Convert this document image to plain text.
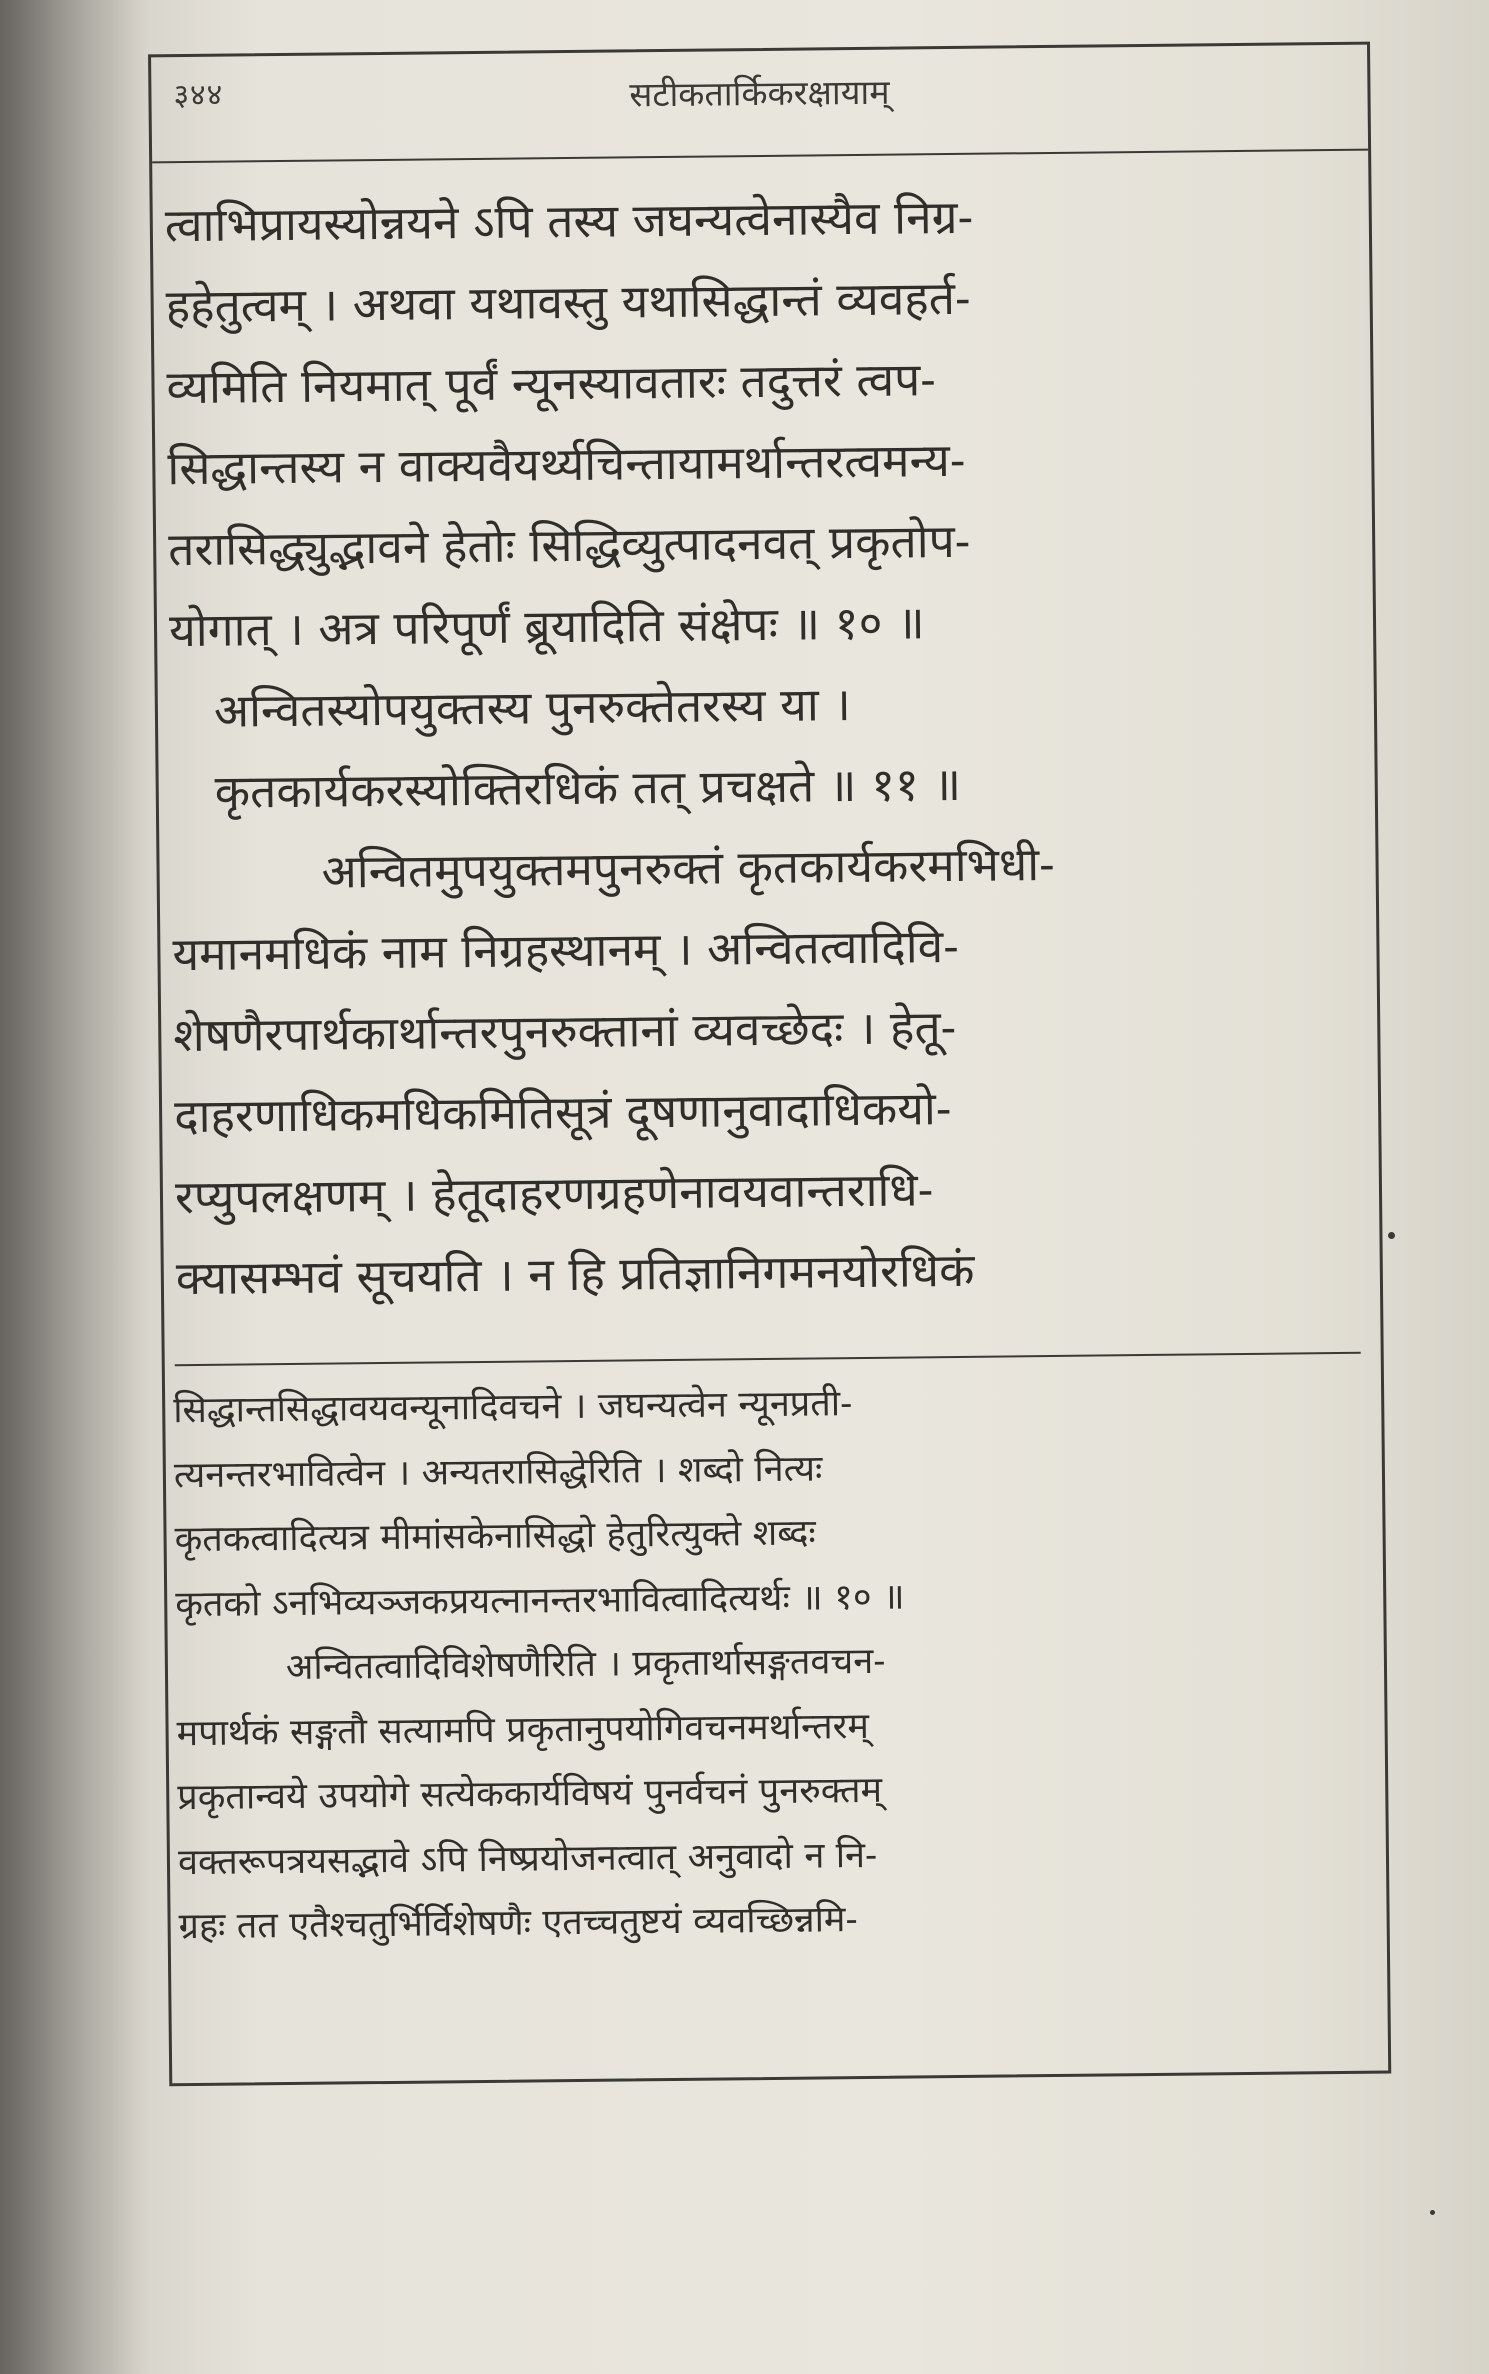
३४४	सटीकतार्किकरक्षायाम्
त्वाभिप्रायस्योन्नयने ऽपि तस्य जघन्यत्वेनास्यैव निग्र-
हहेतुत्वम् । अथवा यथावस्तु यथासिद्धान्तं व्यवहर्त-
व्यमिति नियमात् पूर्वं न्यूनस्यावतारः तदुत्तरं त्वप-
सिद्धान्तस्य न वाक्यवैयर्थ्यचिन्तायामर्थान्तरत्वमन्य-
तरासिद्ध्युद्भावने हेतोः सिद्धिव्युत्पादनवत् प्रकृतोप-
योगात् । अत्र परिपूर्णं ब्रूयादिति संक्षेपः ॥ १० ॥
अन्वितस्योपयुक्तस्य पुनरुक्तेतरस्य या ।
कृतकार्यकरस्योक्तिरधिकं तत् प्रचक्षते ॥ ११ ॥
अन्वितमुपयुक्तमपुनरुक्तं कृतकार्यकरमभिधी-
यमानमधिकं नाम निग्रहस्थानम् । अन्वितत्वादिवि-
शेषणैरपार्थकार्थान्तरपुनरुक्तानां व्यवच्छेदः । हेतू-
दाहरणाधिकमधिकमितिसूत्रं दूषणानुवादाधिकयो-
रप्युपलक्षणम् । हेतूदाहरणग्रहणेनावयवान्तराधि-
क्यासम्भवं सूचयति । न हि प्रतिज्ञानिगमनयोरधिकं
सिद्धान्तसिद्धावयवन्यूनादिवचने । जघन्यत्वेन न्यूनप्रती-
त्यनन्तरभावित्वेन । अन्यतरासिद्धेरिति । शब्दो नित्यः
कृतकत्वादित्यत्र मीमांसकेनासिद्धो हेतुरित्युक्ते शब्दः
कृतको ऽनभिव्यञ्जकप्रयत्नानन्तरभावित्वादित्यर्थः ॥ १० ॥
अन्वितत्वादिविशेषणैरिति । प्रकृतार्थासङ्गतवचन-
मपार्थकं सङ्गतौ सत्यामपि प्रकृतानुपयोगिवचनमर्थान्तरम्
प्रकृतान्वये उपयोगे सत्येककार्यविषयं पुनर्वचनं पुनरुक्तम्
वक्तरूपत्रयसद्भावे ऽपि निष्प्रयोजनत्वात् अनुवादो न नि-
ग्रहः तत एतैश्चतुर्भिर्विशेषणैः एतच्चतुष्टयं व्यवच्छिन्नमि-
